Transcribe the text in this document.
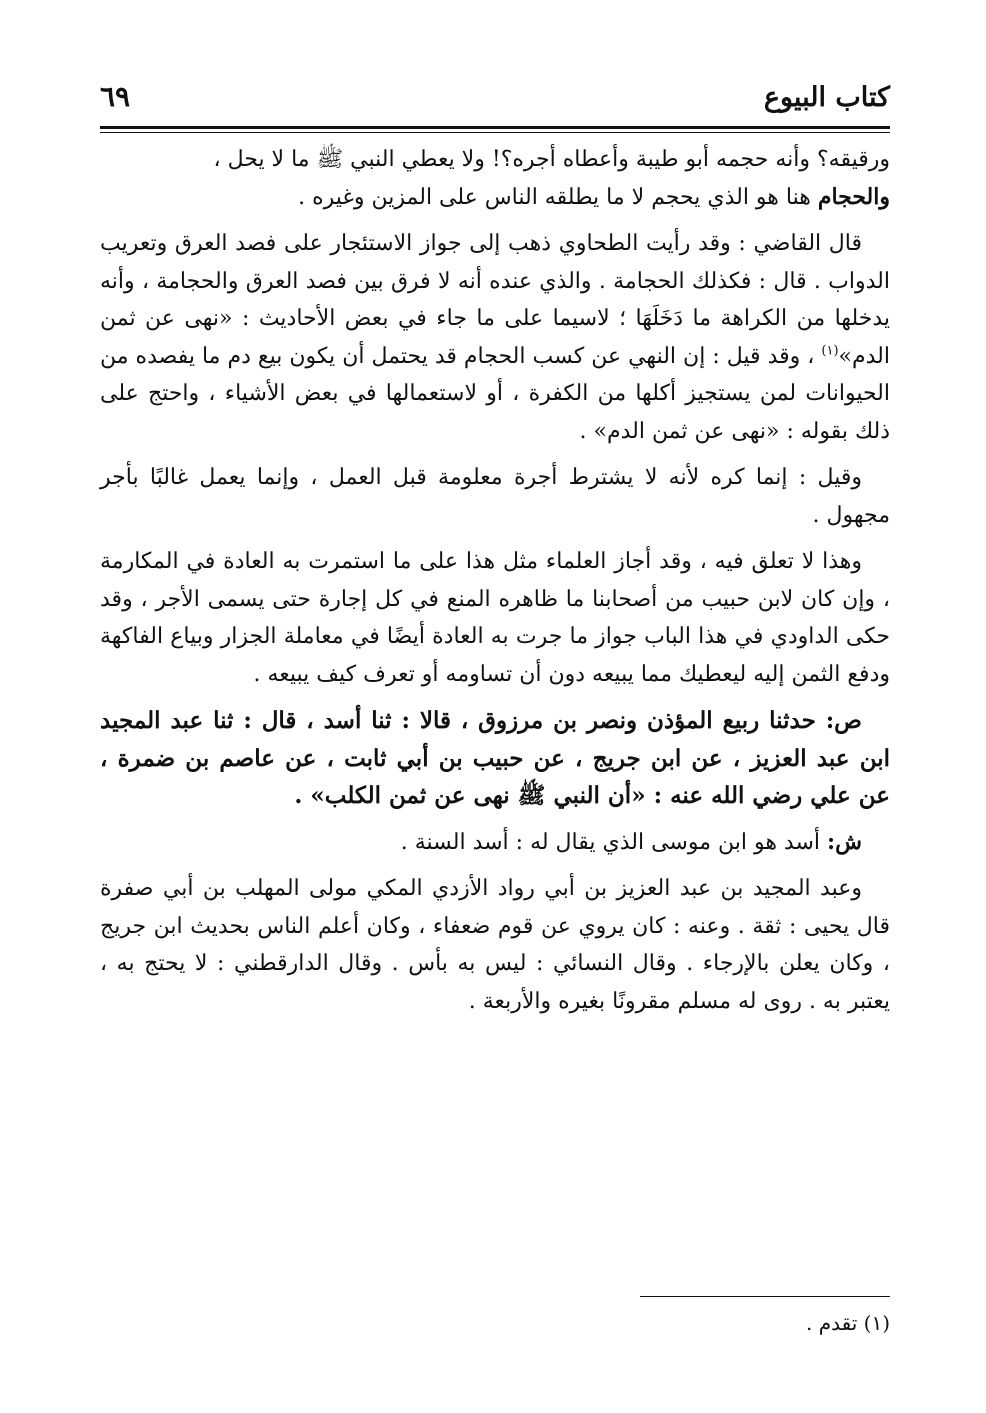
كتاب البيوع
٦٩

ورقيقه؟ وأنه حجمه أبو طيبة وأعطاه أجره؟! ولا يعطي النبي ﷺ ما لا يحل ،

والحجام هنا هو الذي يحجم لا ما يطلقه الناس على المزين وغيره .

قال القاضي : وقد رأيت الطحاوي ذهب إلى جواز الاستئجار على فصد العرق وتعريب الدواب . قال : فكذلك الحجامة . والذي عنده أنه لا فرق بين فصد العرق والحجامة ، وأنه يدخلها من الكراهة ما دَخَلَهَا ؛ لاسيما على ما جاء في بعض الأحاديث : «نهى عن ثمن الدم»$^{(١)}$ ، وقد قيل : إن النهي عن كسب الحجام قد يحتمل أن يكون بيع دم ما يفصده من الحيوانات لمن يستجيز أكلها من الكفرة ، أو لاستعمالها في بعض الأشياء ، واحتج على ذلك بقوله : «نهى عن ثمن الدم» .

وقيل : إنما كره لأنه لا يشترط أجرة معلومة قبل العمل ، وإنما يعمل غالبًا بأجر مجهول .

وهذا لا تعلق فيه ، وقد أجاز العلماء مثل هذا على ما استمرت به العادة في المكارمة ، وإن كان لابن حبيب من أصحابنا ما ظاهره المنع في كل إجارة حتى يسمى الأجر ، وقد حكى الداودي في هذا الباب جواز ما جرت به العادة أيضًا في معاملة الجزار وبياع الفاكهة ودفع الثمن إليه ليعطيك مما يبيعه دون أن تساومه أو تعرف كيف يبيعه .

ص: حدثنا ربيع المؤذن ونصر بن مرزوق ، قالا : ثنا أسد ، قال : ثنا عبد المجيد ابن عبد العزيز ، عن ابن جريج ، عن حبيب بن أبي ثابت ، عن عاصم بن ضمرة ، عن علي رضي الله عنه : «أن النبي ﷺ نهى عن ثمن الكلب» .

ش: أسد هو ابن موسى الذي يقال له : أسد السنة .

وعبد المجيد بن عبد العزيز بن أبي رواد الأزدي المكي مولى المهلب بن أبي صفرة قال يحيى : ثقة . وعنه : كان يروي عن قوم ضعفاء ، وكان أعلم الناس بحديث ابن جريج ، وكان يعلن بالإرجاء . وقال النسائي : ليس به بأس . وقال الدارقطني : لا يحتج به ، يعتبر به . روى له مسلم مقرونًا بغيره والأربعة .

(١) تقدم .
